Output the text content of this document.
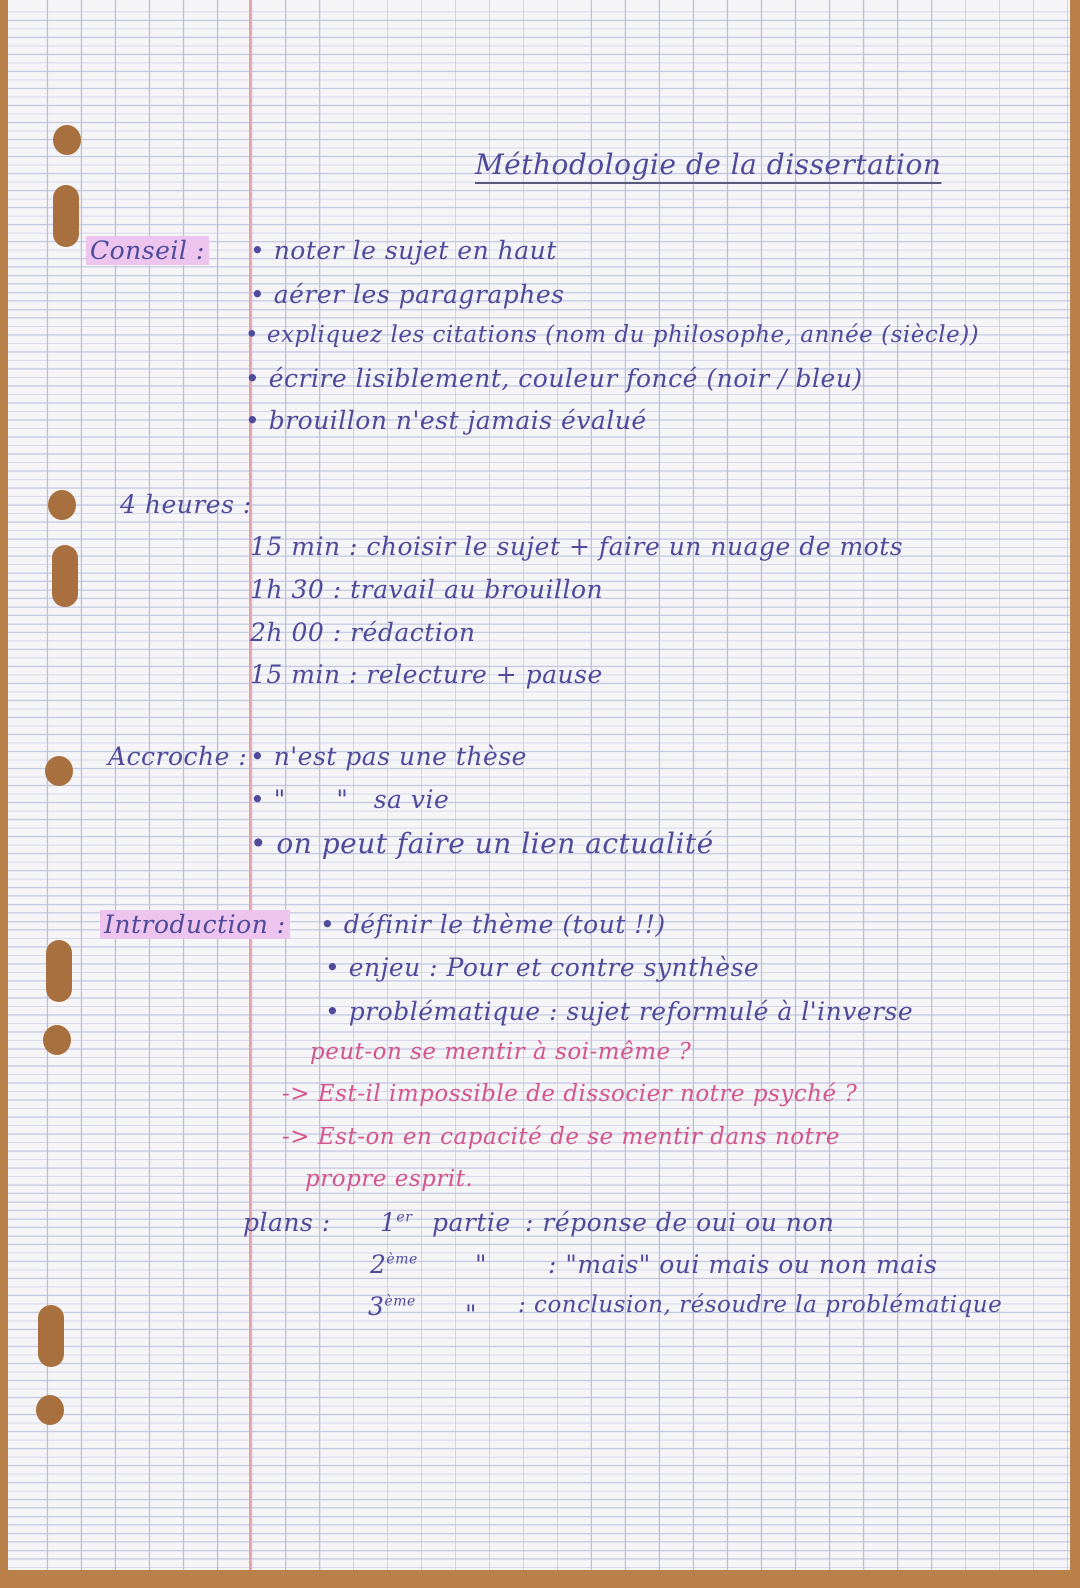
Méthodologie de la dissertation
Conseil : • noter le sujet en haut
• aérer les paragraphes
• expliquez les citations (nom du philosophe, année (siècle))
• écrire lisiblement, couleur foncé (noir / bleu)
• brouillon n'est jamais évalué
4 heures :
15 min : choisir le sujet + faire un nuage de mots
1h 30 : travail au brouillon
2h 00 : rédaction
15 min : relecture + pause
Accroche : • n'est pas une thèse
• "      "   sa vie
• on peut faire un lien actualité
Introduction : • définir le thème (tout !!)
• enjeu : Pour et contre synthèse
• problématique : sujet reformulé à l'inverse
peut-on se mentir à soi-même ?
-> Est-il impossible de dissocier notre psyché ?
-> Est-on en capacité de se mentir dans notre
propre esprit.
plans : 1er partie : réponse de oui ou non
2ème " : "mais" oui mais ou non mais
3ème " : conclusion, résoudre la problématique
